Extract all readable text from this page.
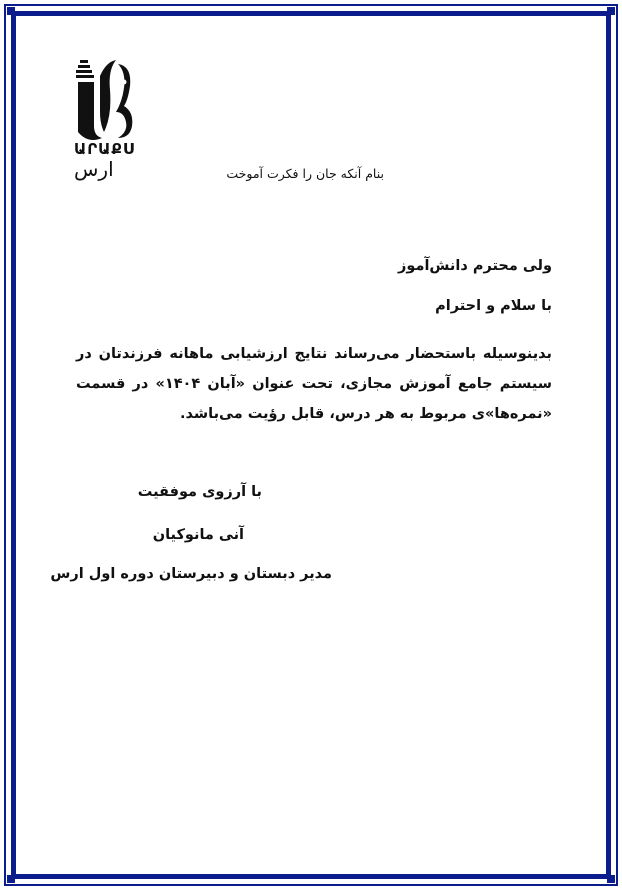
ԱՐԱՔՍ
ارس	بنام آنکه جان را فکرت آموخت
ولی محترم دانش‌آموز
با سلام و احترام
بدینوسیله باستحضار می‌رساند نتایج ارزشیابی ماهانه فرزندتان در سیستم جامع آموزش مجازی، تحت عنوان «آبان ۱۴۰۴» در قسمت «نمره‌ها»ی مربوط به هر درس، قابل رؤیت می‌باشد.
با آرزوی موفقیت
آنی مانوکیان
مدیر دبستان و دبیرستان دوره اول ارس
